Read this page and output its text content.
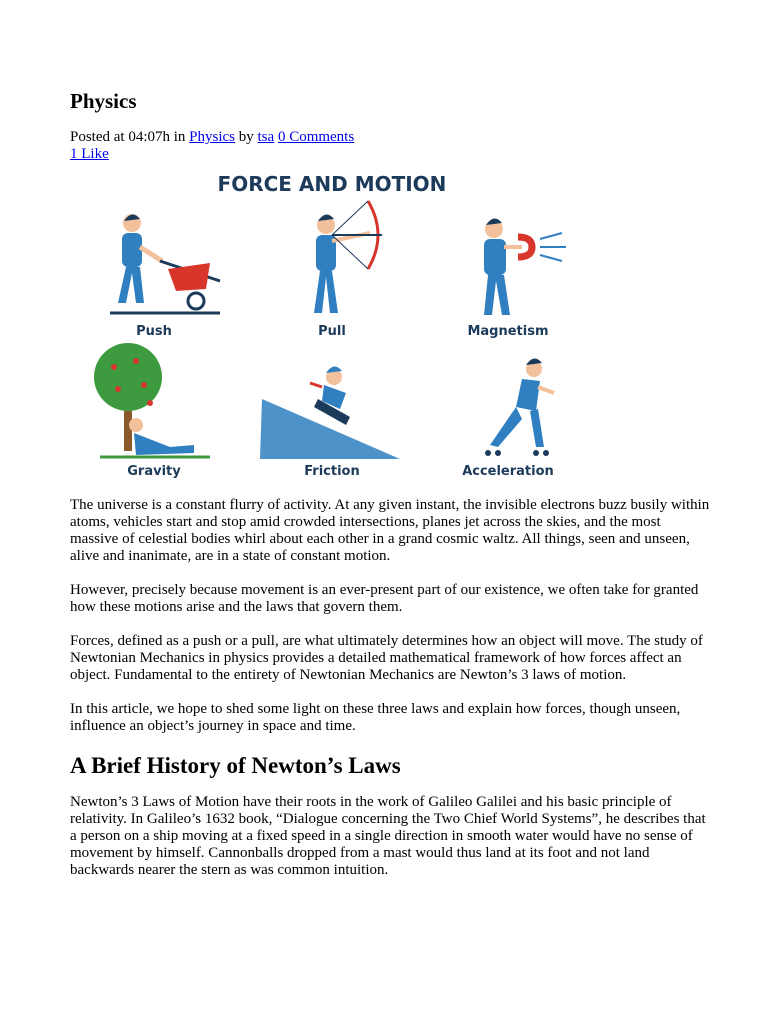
Physics
Posted at 04:07h in Physics by tsa 0 Comments
1 Like
FORCE AND MOTION
Push	Pull	Magnetism
Gravity	Friction	Acceleration

The universe is a constant flurry of activity. At any given instant, the invisible electrons buzz busily within atoms, vehicles start and stop amid crowded intersections, planes jet across the skies, and the most massive of celestial bodies whirl about each other in a grand cosmic waltz. All things, seen and unseen, alive and inanimate, are in a state of constant motion.

However, precisely because movement is an ever-present part of our existence, we often take for granted how these motions arise and the laws that govern them.

Forces, defined as a push or a pull, are what ultimately determines how an object will move. The study of Newtonian Mechanics in physics provides a detailed mathematical framework of how forces affect an object. Fundamental to the entirety of Newtonian Mechanics are Newton’s 3 laws of motion.

In this article, we hope to shed some light on these three laws and explain how forces, though unseen, influence an object’s journey in space and time.

A Brief History of Newton’s Laws

Newton’s 3 Laws of Motion have their roots in the work of Galileo Galilei and his basic principle of relativity. In Galileo’s 1632 book, “Dialogue concerning the Two Chief World Systems”, he describes that a person on a ship moving at a fixed speed in a single direction in smooth water would have no sense of movement by himself. Cannonballs dropped from a mast would thus land at its foot and not land backwards nearer the stern as was common intuition.
